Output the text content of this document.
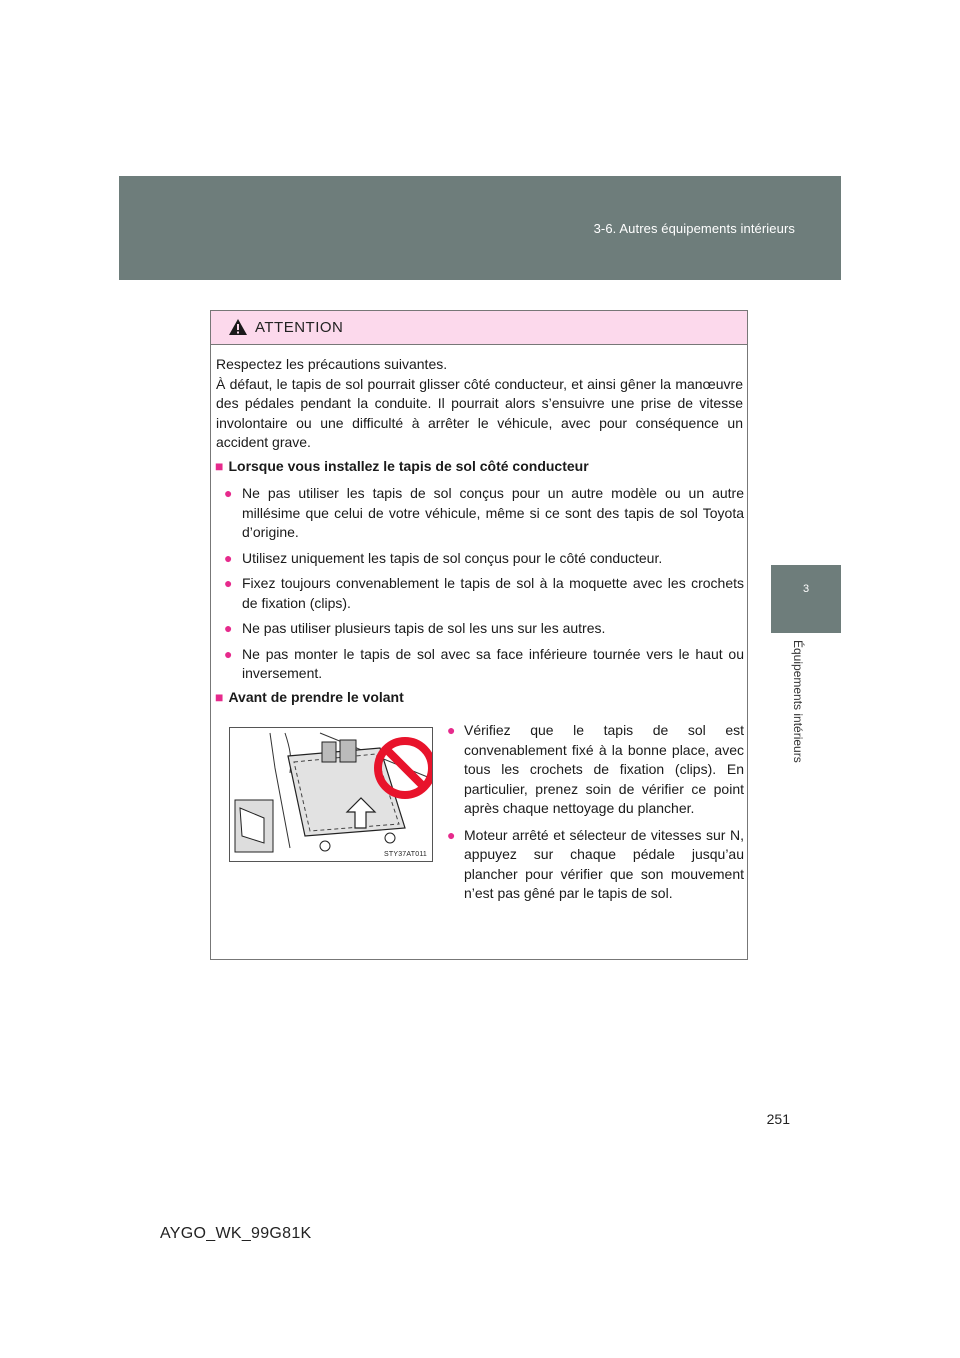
3-6. Autres équipements intérieurs
3
Équipements intérieurs
ATTENTION

Respectez les précautions suivantes.

À défaut, le tapis de sol pourrait glisser côté conducteur, et ainsi gêner la manœuvre des pédales pendant la conduite. Il pourrait alors s’ensuivre une prise de vitesse involontaire ou une difficulté à arrêter le véhicule, avec pour conséquence un accident grave.

■ Lorsque vous installez le tapis de sol côté conducteur
● Ne pas utiliser les tapis de sol conçus pour un autre modèle ou un autre millésime que celui de votre véhicule, même si ce sont des tapis de sol Toyota d’origine.
● Utilisez uniquement les tapis de sol conçus pour le côté conducteur.
● Fixez toujours convenablement le tapis de sol à la moquette avec les crochets de fixation (clips).
● Ne pas utiliser plusieurs tapis de sol les uns sur les autres.
● Ne pas monter le tapis de sol avec sa face inférieure tournée vers le haut ou inversement.
■ Avant de prendre le volant
STY37AT011
● Vérifiez que le tapis de sol est convenablement fixé à la bonne place, avec tous les crochets de fixation (clips). En particulier, prenez soin de vérifier ce point après chaque nettoyage du plancher.
● Moteur arrêté et sélecteur de vitesses sur N, appuyez sur chaque pédale jusqu’au plancher pour vérifier que son mouvement n’est pas gêné par le tapis de sol.
251
AYGO_WK_99G81K
